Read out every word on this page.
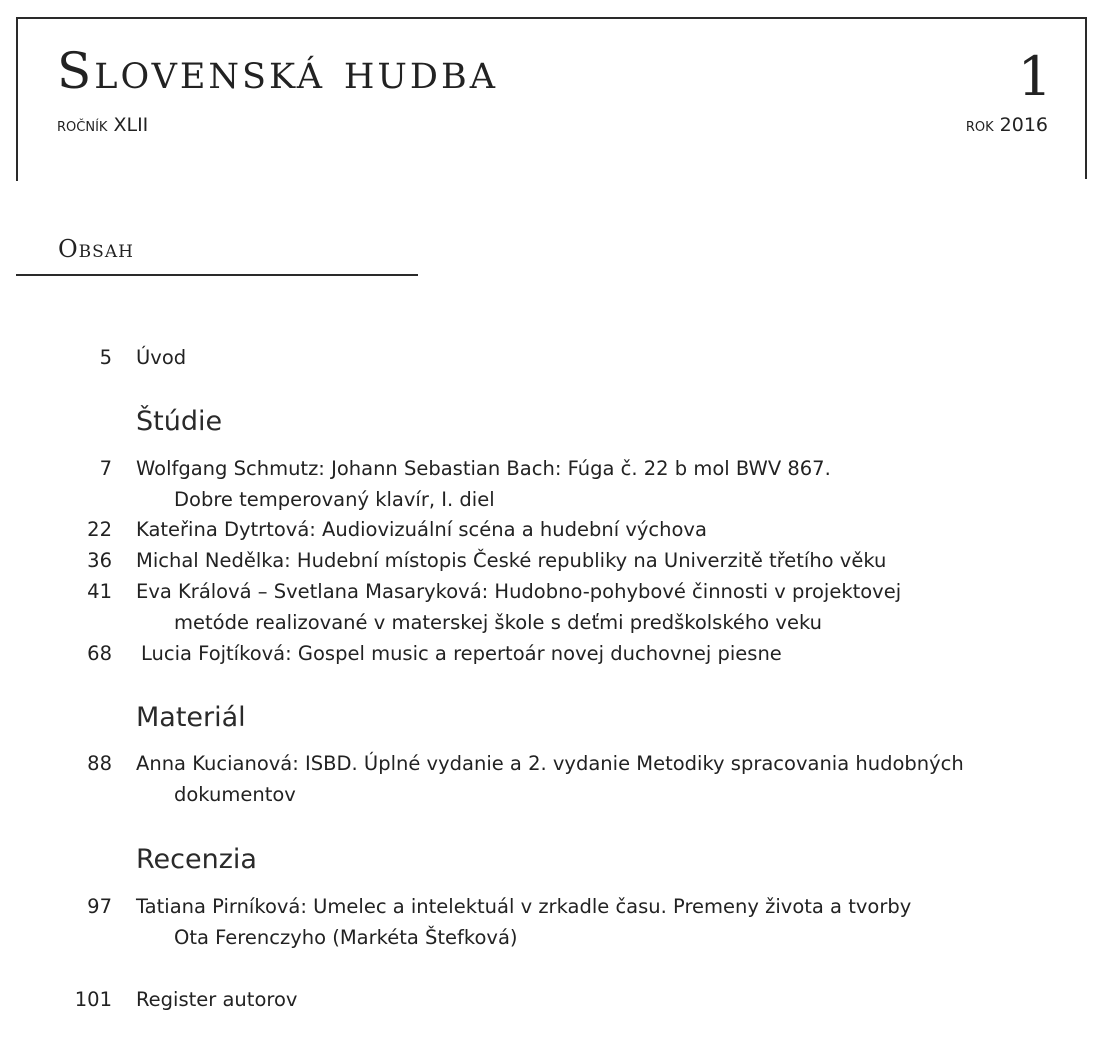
Slovenská hudba
ročník XLII
1
rok 2016
Obsah
5 Úvod
Štúdie
7 Wolfgang Schmutz: Johann Sebastian Bach: Fúga č. 22 b mol BWV 867.
Dobre temperovaný klavír, I. diel
22 Kateřina Dytrtová: Audiovizuální scéna a hudební výchova
36 Michal Nedělka: Hudební místopis České republiky na Univerzitě třetího věku
41 Eva Králová – Svetlana Masaryková: Hudobno-pohybové činnosti v projektovej
metóde realizované v materskej škole s deťmi predškolského veku
68 Lucia Fojtíková: Gospel music a repertoár novej duchovnej piesne
Materiál
88 Anna Kucianová: ISBD. Úplné vydanie a 2. vydanie Metodiky spracovania hudobných
dokumentov
Recenzia
97 Tatiana Pirníková: Umelec a intelektuál v zrkadle času. Premeny života a tvorby
Ota Ferenczyho (Markéta Štefková)
101 Register autorov
